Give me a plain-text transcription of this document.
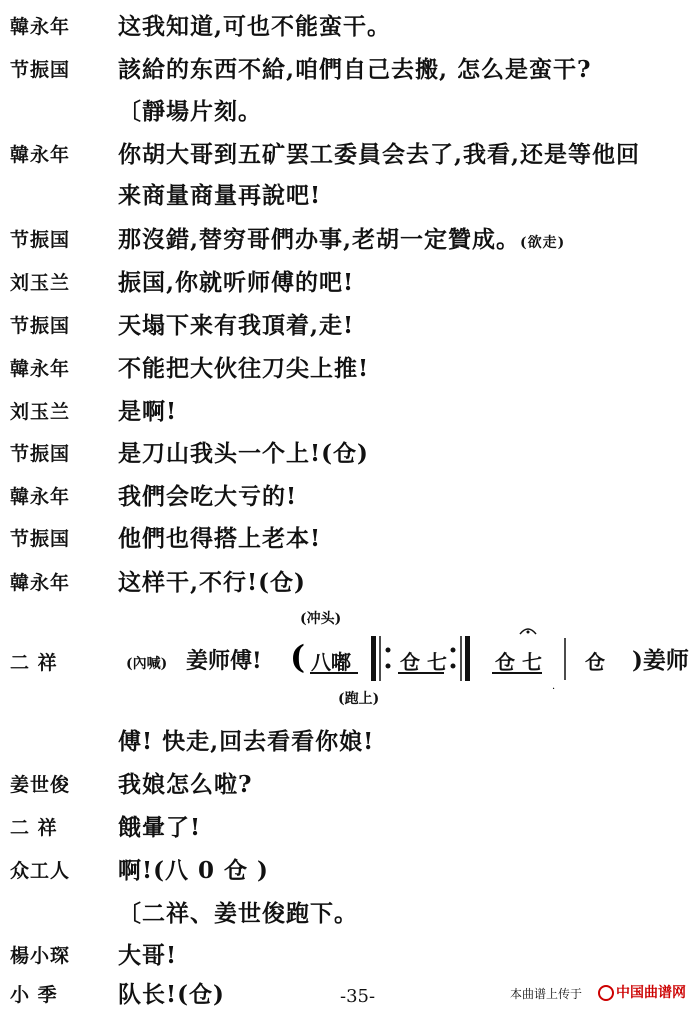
韓永年 这我知道,可也不能蛮干。
节振国 該給的东西不給,咱們自己去搬, 怎么是蛮干?
〔靜場片刻。
韓永年 你胡大哥到五矿罢工委員会去了,我看,还是等他回
来商量商量再說吧!
节振国 那沒錯,替穷哥們办事,老胡一定贊成。(欲走)
刘玉兰 振国,你就听师傅的吧!
节振国 天塌下来有我頂着,走!
韓永年 不能把大伙往刀尖上推!
刘玉兰 是啊!
节振国 是刀山我头一个上!(仓)
韓永年 我們会吃大亏的!
节振国 他們也得搭上老本!
韓永年 这样干,不行!(仓)
(冲头)
二 祥	(內喊) 姜师傅! (
·
八嘟 仓 七 仓 七 仓 )姜师
(跑上)
傅! 快走,回去看看你娘!
姜世俊 我娘怎么啦?
二 祥	餓暈了!
众工人 啊!(八 0 仓 )
〔二祥、姜世俊跑下。
楊小琛 大哥!
小 季	队长!(仓)	-35-	本曲谱上传于	中国曲谱网
